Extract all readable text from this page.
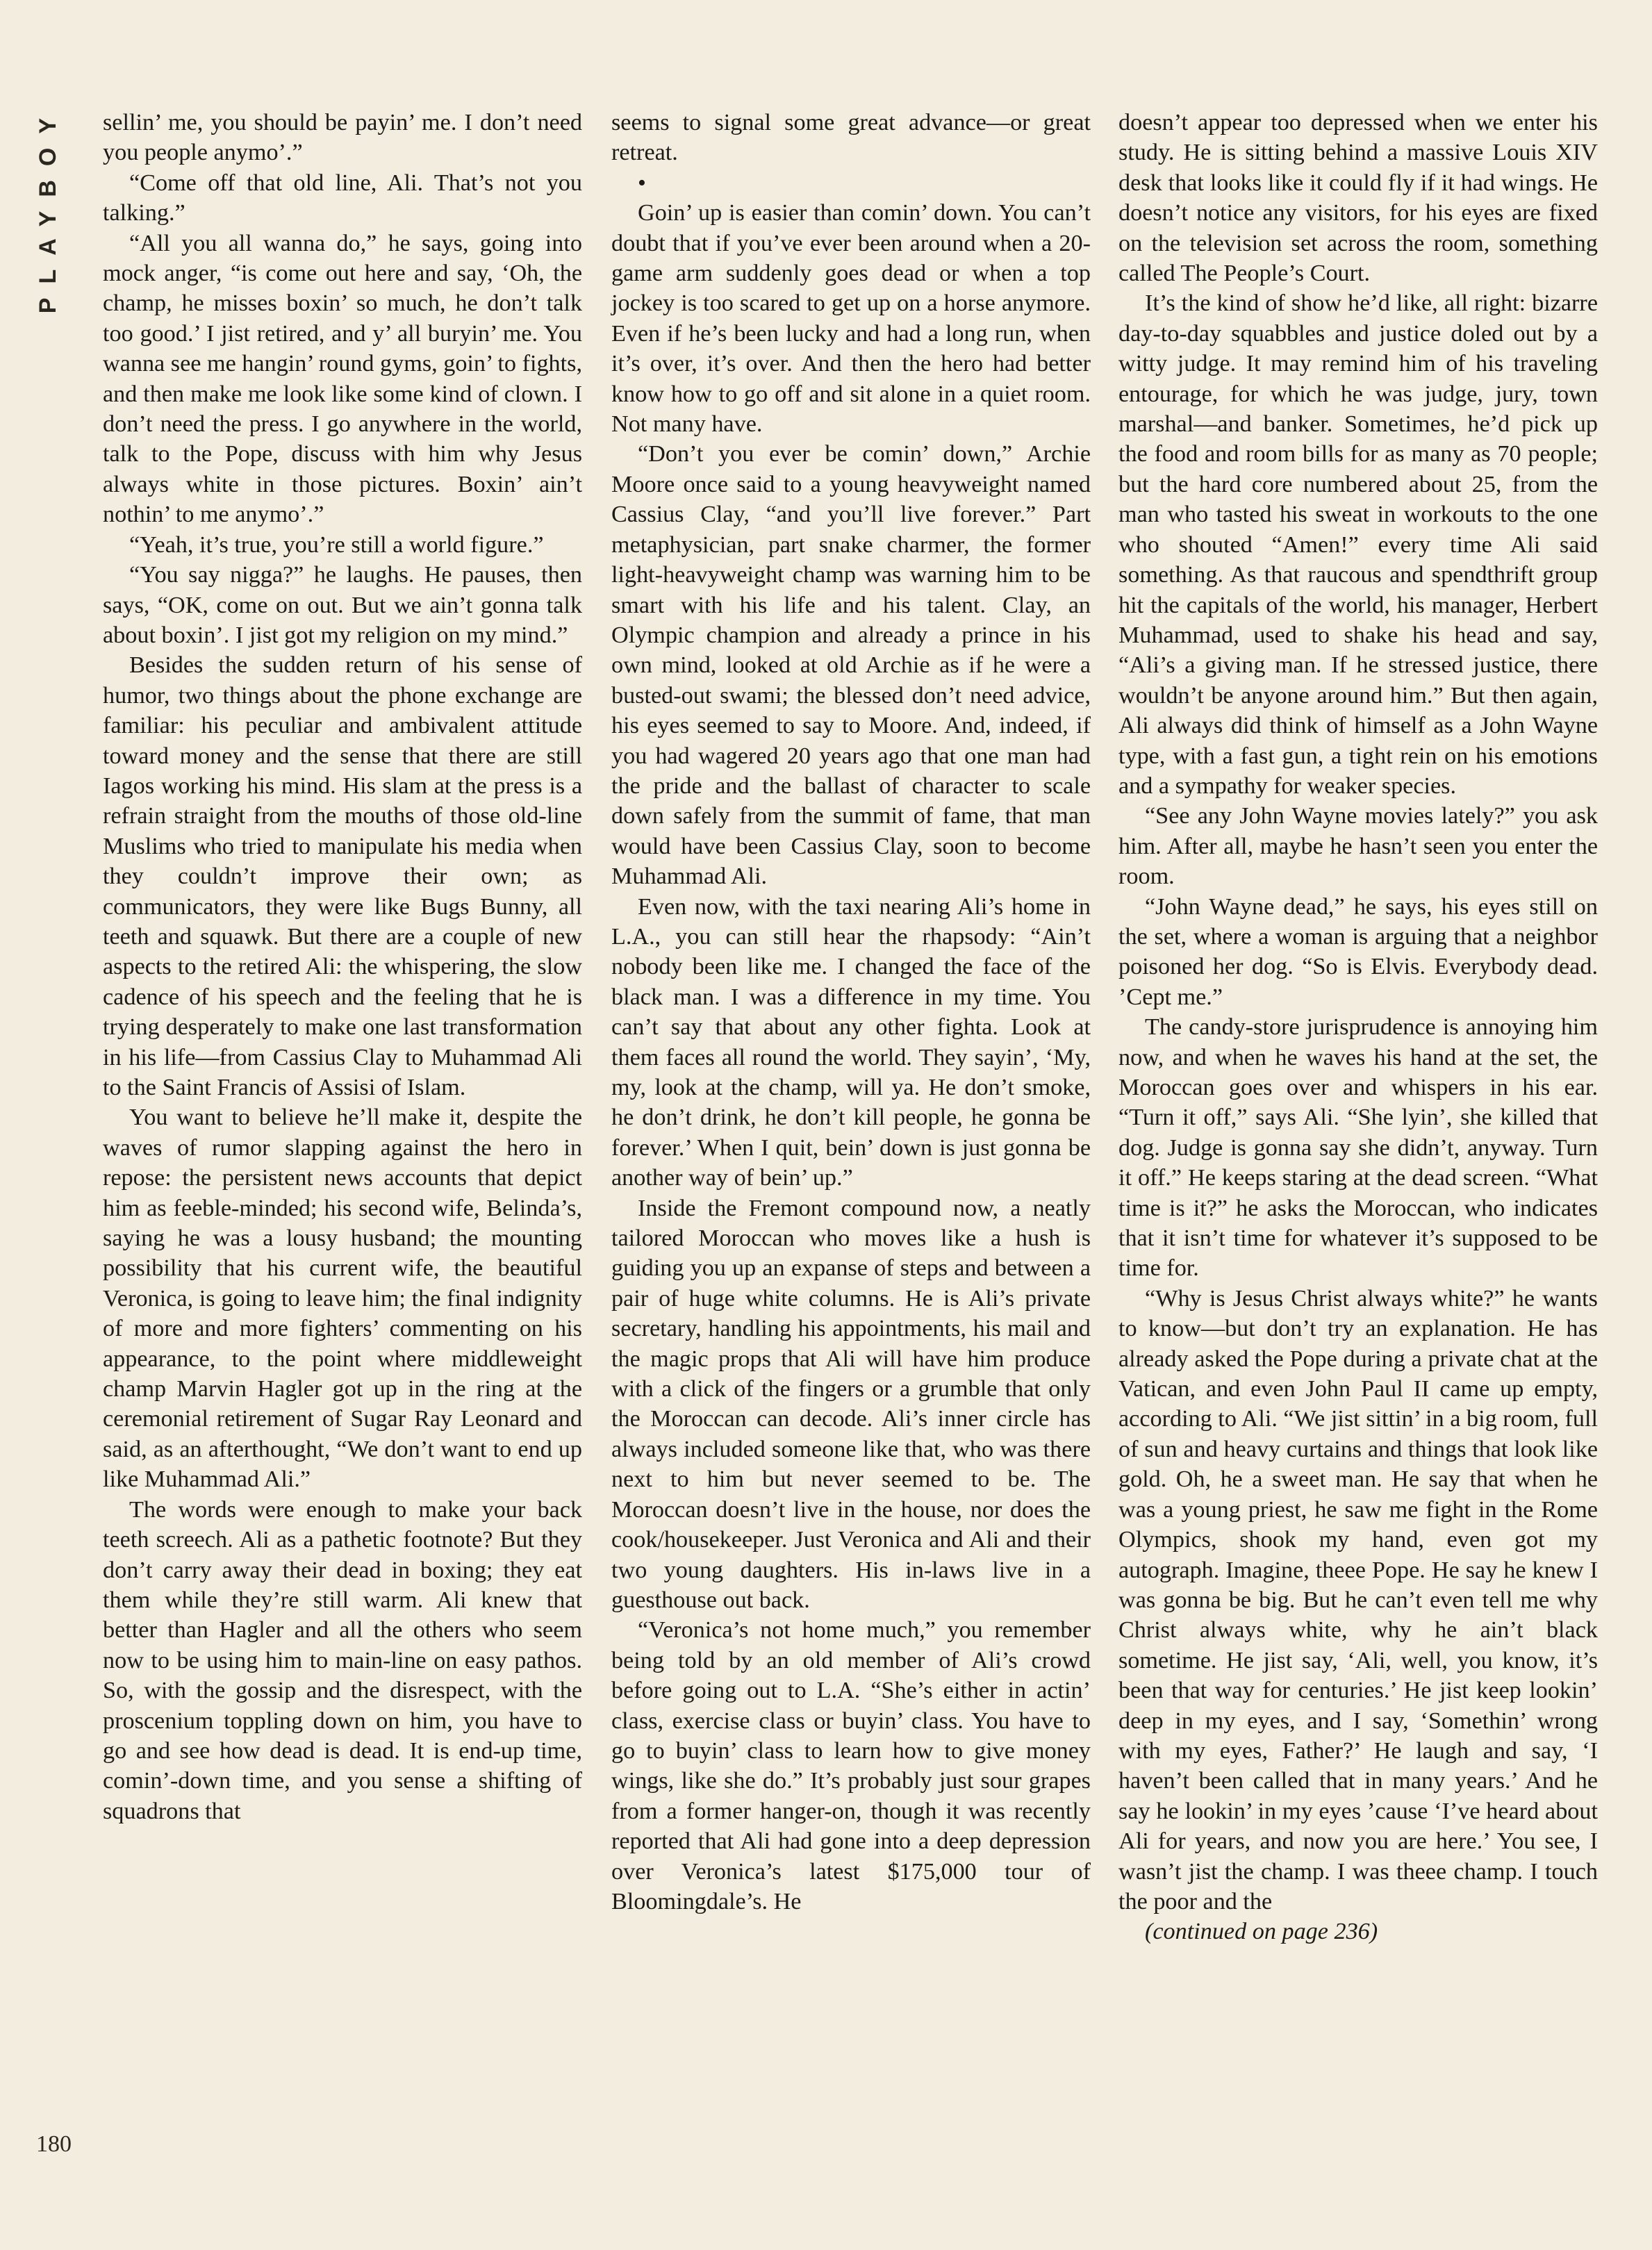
PLAYBOY sellin’ me, you should be payin’ me. I don’t need you people anymo’.”

“Come off that old line, Ali. That’s not you talking.”

“All you all wanna do,” he says, going into mock anger, “is come out here and say, ‘Oh, the champ, he misses boxin’ so much, he don’t talk too good.’ I jist retired, and y’ all buryin’ me. You wanna see me hangin’ round gyms, goin’ to fights, and then make me look like some kind of clown. I don’t need the press. I go anywhere in the world, talk to the Pope, discuss with him why Jesus always white in those pictures. Boxin’ ain’t nothin’ to me anymo’.”

“Yeah, it’s true, you’re still a world figure.”

“You say nigga?” he laughs. He pauses, then says, “OK, come on out. But we ain’t gonna talk about boxin’. I jist got my religion on my mind.”

Besides the sudden return of his sense of humor, two things about the phone exchange are familiar: his peculiar and ambivalent attitude toward money and the sense that there are still Iagos working his mind. His slam at the press is a refrain straight from the mouths of those old-line Muslims who tried to manipulate his media when they couldn’t improve their own; as communicators, they were like Bugs Bunny, all teeth and squawk. But there are a couple of new aspects to the retired Ali: the whispering, the slow cadence of his speech and the feeling that he is trying desperately to make one last transformation in his life—from Cassius Clay to Muhammad Ali to the Saint Francis of Assisi of Islam.

You want to believe he’ll make it, despite the waves of rumor slapping against the hero in repose: the persistent news accounts that depict him as feeble-minded; his second wife, Belinda’s, saying he was a lousy husband; the mounting possibility that his current wife, the beautiful Veronica, is going to leave him; the final indignity of more and more fighters’ commenting on his appearance, to the point where middleweight champ Marvin Hagler got up in the ring at the ceremonial retirement of Sugar Ray Leonard and said, as an afterthought, “We don’t want to end up like Muhammad Ali.”

The words were enough to make your back teeth screech. Ali as a pathetic footnote? But they don’t carry away their dead in boxing; they eat them while they’re still warm. Ali knew that better than Hagler and all the others who seem now to be using him to main-line on easy pathos. So, with the gossip and the disrespect, with the proscenium toppling down on him, you have to go and see how dead is dead. It is end-up time, comin’-down time, and you sense a shifting of squadrons that

seems to signal some great advance—or great retreat.

•

Goin’ up is easier than comin’ down. You can’t doubt that if you’ve ever been around when a 20-game arm suddenly goes dead or when a top jockey is too scared to get up on a horse anymore. Even if he’s been lucky and had a long run, when it’s over, it’s over. And then the hero had better know how to go off and sit alone in a quiet room. Not many have.

“Don’t you ever be comin’ down,” Archie Moore once said to a young heavyweight named Cassius Clay, “and you’ll live forever.” Part metaphysician, part snake charmer, the former light-heavyweight champ was warning him to be smart with his life and his talent. Clay, an Olympic champion and already a prince in his own mind, looked at old Archie as if he were a busted-out swami; the blessed don’t need advice, his eyes seemed to say to Moore. And, indeed, if you had wagered 20 years ago that one man had the pride and the ballast of character to scale down safely from the summit of fame, that man would have been Cassius Clay, soon to become Muhammad Ali.

Even now, with the taxi nearing Ali’s home in L.A., you can still hear the rhapsody: “Ain’t nobody been like me. I changed the face of the black man. I was a difference in my time. You can’t say that about any other fighta. Look at them faces all round the world. They sayin’, ‘My, my, look at the champ, will ya. He don’t smoke, he don’t drink, he don’t kill people, he gonna be forever.’ When I quit, bein’ down is just gonna be another way of bein’ up.”

Inside the Fremont compound now, a neatly tailored Moroccan who moves like a hush is guiding you up an expanse of steps and between a pair of huge white columns. He is Ali’s private secretary, handling his appointments, his mail and the magic props that Ali will have him produce with a click of the fingers or a grumble that only the Moroccan can decode. Ali’s inner circle has always included someone like that, who was there next to him but never seemed to be. The Moroccan doesn’t live in the house, nor does the cook/housekeeper. Just Veronica and Ali and their two young daughters. His in-laws live in a guesthouse out back.

“Veronica’s not home much,” you remember being told by an old member of Ali’s crowd before going out to L.A. “She’s either in actin’ class, exercise class or buyin’ class. You have to go to buyin’ class to learn how to give money wings, like she do.” It’s probably just sour grapes from a former hanger-on, though it was recently reported that Ali had gone into a deep depression over Veronica’s latest $175,000 tour of Bloomingdale’s. He

doesn’t appear too depressed when we enter his study. He is sitting behind a massive Louis XIV desk that looks like it could fly if it had wings. He doesn’t notice any visitors, for his eyes are fixed on the television set across the room, something called The People’s Court.

It’s the kind of show he’d like, all right: bizarre day-to-day squabbles and justice doled out by a witty judge. It may remind him of his traveling entourage, for which he was judge, jury, town marshal—and banker. Sometimes, he’d pick up the food and room bills for as many as 70 people; but the hard core numbered about 25, from the man who tasted his sweat in workouts to the one who shouted “Amen!” every time Ali said something. As that raucous and spendthrift group hit the capitals of the world, his manager, Herbert Muhammad, used to shake his head and say, “Ali’s a giving man. If he stressed justice, there wouldn’t be anyone around him.” But then again, Ali always did think of himself as a John Wayne type, with a fast gun, a tight rein on his emotions and a sympathy for weaker species.

“See any John Wayne movies lately?” you ask him. After all, maybe he hasn’t seen you enter the room.

“John Wayne dead,” he says, his eyes still on the set, where a woman is arguing that a neighbor poisoned her dog. “So is Elvis. Everybody dead. ’Cept me.”

The candy-store jurisprudence is annoying him now, and when he waves his hand at the set, the Moroccan goes over and whispers in his ear. “Turn it off,” says Ali. “She lyin’, she killed that dog. Judge is gonna say she didn’t, anyway. Turn it off.” He keeps staring at the dead screen. “What time is it?” he asks the Moroccan, who indicates that it isn’t time for whatever it’s supposed to be time for.

“Why is Jesus Christ always white?” he wants to know—but don’t try an explanation. He has already asked the Pope during a private chat at the Vatican, and even John Paul II came up empty, according to Ali. “We jist sittin’ in a big room, full of sun and heavy curtains and things that look like gold. Oh, he a sweet man. He say that when he was a young priest, he saw me fight in the Rome Olympics, shook my hand, even got my autograph. Imagine, theee Pope. He say he knew I was gonna be big. But he can’t even tell me why Christ always white, why he ain’t black sometime. He jist say, ‘Ali, well, you know, it’s been that way for centuries.’ He jist keep lookin’ deep in my eyes, and I say, ‘Somethin’ wrong with my eyes, Father?’ He laugh and say, ‘I haven’t been called that in many years.’ And he say he lookin’ in my eyes ’cause ‘I’ve heard about Ali for years, and now you are here.’ You see, I wasn’t jist the champ. I was theee champ. I touch the poor and the

(continued on page 236)

180
